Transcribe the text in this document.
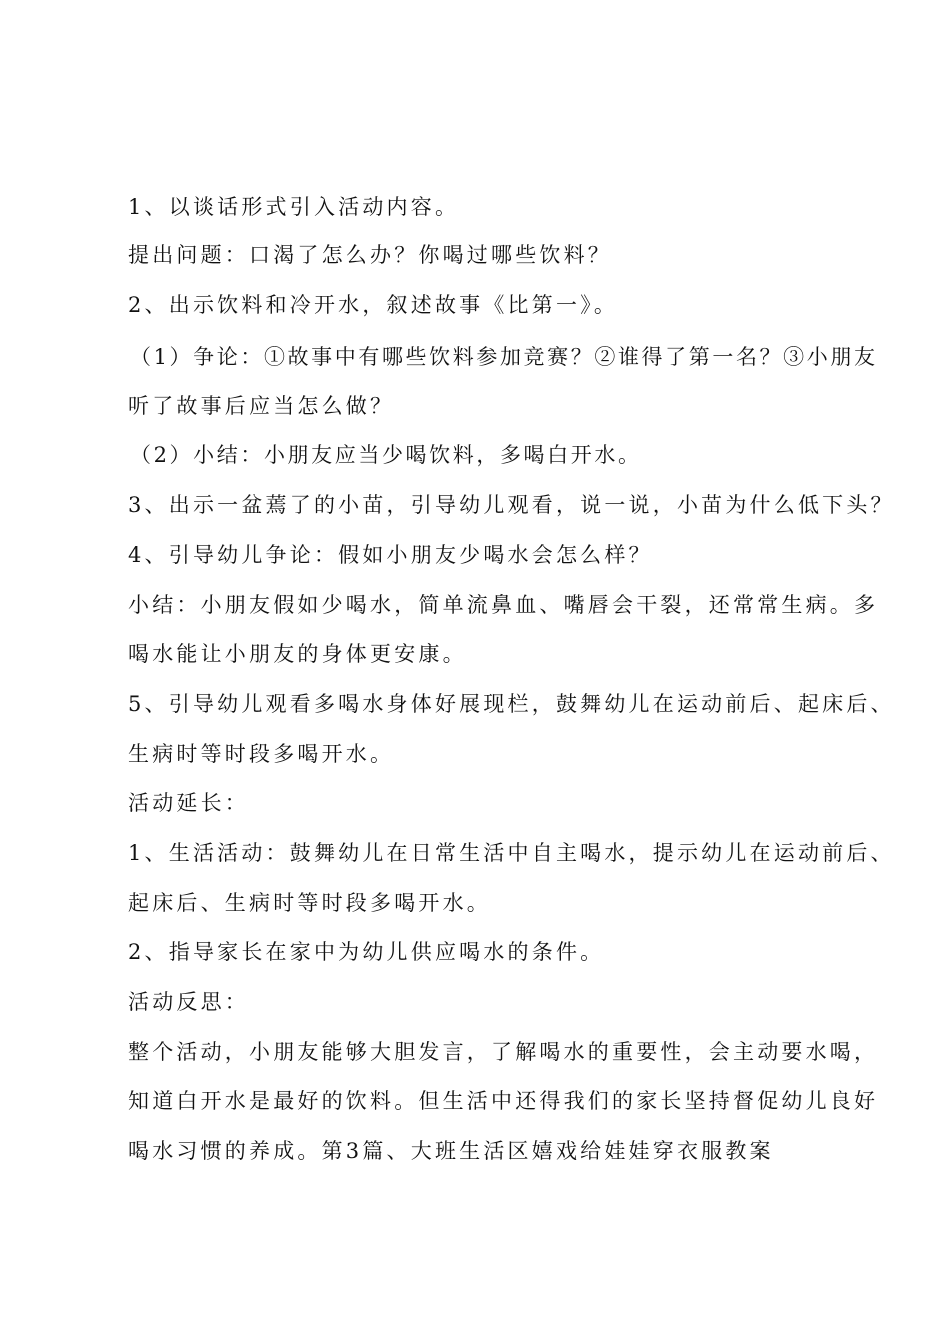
1、以谈话形式引入活动内容。
提出问题：口渴了怎么办？你喝过哪些饮料？
2、出示饮料和冷开水，叙述故事《比第一》。
（1）争论：①故事中有哪些饮料参加竞赛？②谁得了第一名？③小朋友
听了故事后应当怎么做？
（2）小结：小朋友应当少喝饮料，多喝白开水。
3、出示一盆蔫了的小苗，引导幼儿观看，说一说，小苗为什么低下头？
4、引导幼儿争论：假如小朋友少喝水会怎么样？
小结：小朋友假如少喝水，简单流鼻血、嘴唇会干裂，还常常生病。多
喝水能让小朋友的身体更安康。
5、引导幼儿观看多喝水身体好展现栏，鼓舞幼儿在运动前后、起床后、
生病时等时段多喝开水。
活动延长：
1、生活活动：鼓舞幼儿在日常生活中自主喝水，提示幼儿在运动前后、
起床后、生病时等时段多喝开水。
2、指导家长在家中为幼儿供应喝水的条件。
活动反思：
整个活动，小朋友能够大胆发言，了解喝水的重要性，会主动要水喝，
知道白开水是最好的饮料。但生活中还得我们的家长坚持督促幼儿良好
喝水习惯的养成。第3篇、大班生活区嬉戏给娃娃穿衣服教案
